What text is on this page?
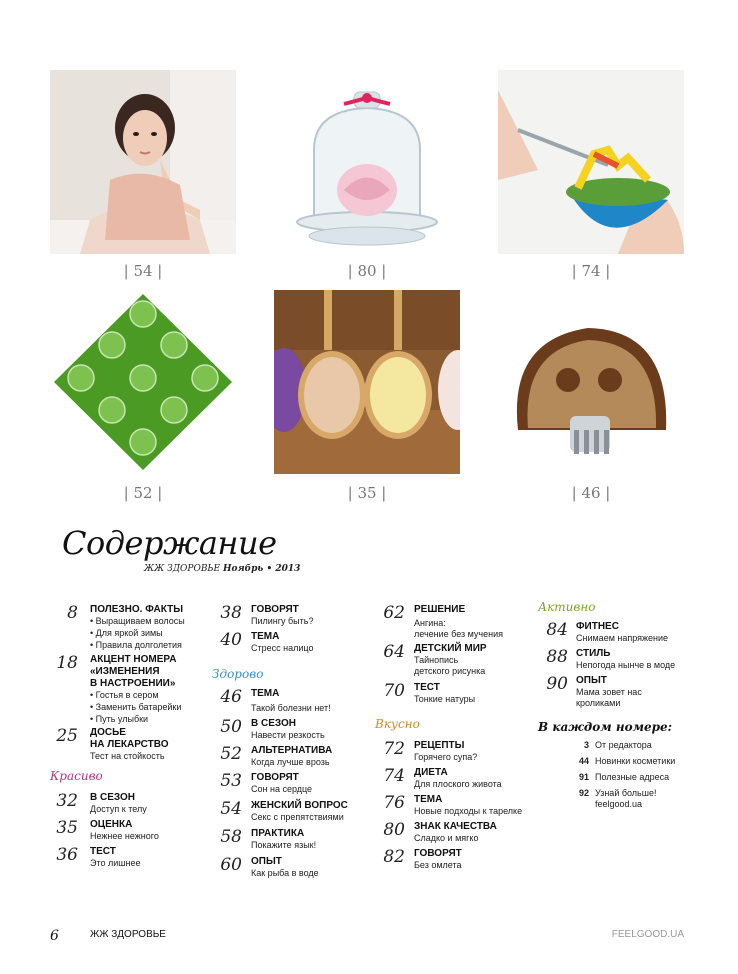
| 54 |	| 80 |	| 74 |
| 52 |	| 35 |	| 46 |
Содержание
ЖЖ ЗДОРОВЬЕ Ноябрь • 2013
8 ПОЛЕЗНО. ФАКТЫ
• Выращиваем волосы
• Для яркой зимы
• Правила долголетия
18 АКЦЕНТ НОМЕРА
«ИЗМЕНЕНИЯ
В НАСТРОЕНИИ»
• Гостья в сером
• Заменить батарейки
• Путь улыбки
25 ДОСЬЕ
НА ЛЕКАРСТВО
Тест на стойкость
Красиво
32 В СЕЗОН
Доступ к телу
35 ОЦЕНКА
Нежнее нежного
36 ТЕСТ
Это лишнее
38 ГОВОРЯТ
Пилингу быть?
40 ТЕМА
Стресс налицо
Здорово
46 ТЕМА
Такой болезни нет!
50 В СЕЗОН
Навести резкость
52 АЛЬТЕРНАТИВА
Когда лучше врозь
53 ГОВОРЯТ
Сон на сердце
54 ЖЕНСКИЙ ВОПРОС
Секс с препятствиями
58 ПРАКТИКА
Покажите язык!
60 ОПЫТ
Как рыба в воде
62 РЕШЕНИЕ
Ангина:
лечение без мучения
64 ДЕТСКИЙ МИР
Тайнопись
детского рисунка
70 ТЕСТ
Тонкие натуры
Вкусно
72 РЕЦЕПТЫ
Горячего супа?
74 ДИЕТА
Для плоского живота
76 ТЕМА
Новые подходы к тарелке
80 ЗНАК КАЧЕСТВА
Сладко и мягко
82 ГОВОРЯТ
Без омлета
Активно
84 ФИТНЕС
Снимаем напряжение
88 СТИЛЬ
Непогода нынче в моде
90 ОПЫТ
Мама зовет нас
кроликами
В каждом номере:
3 От редактора
44 Новинки косметики
91 Полезные адреса
92 Узнай больше!
feelgood.ua
6	ЖЖ ЗДОРОВЬЕ	FEELGOOD.UA
